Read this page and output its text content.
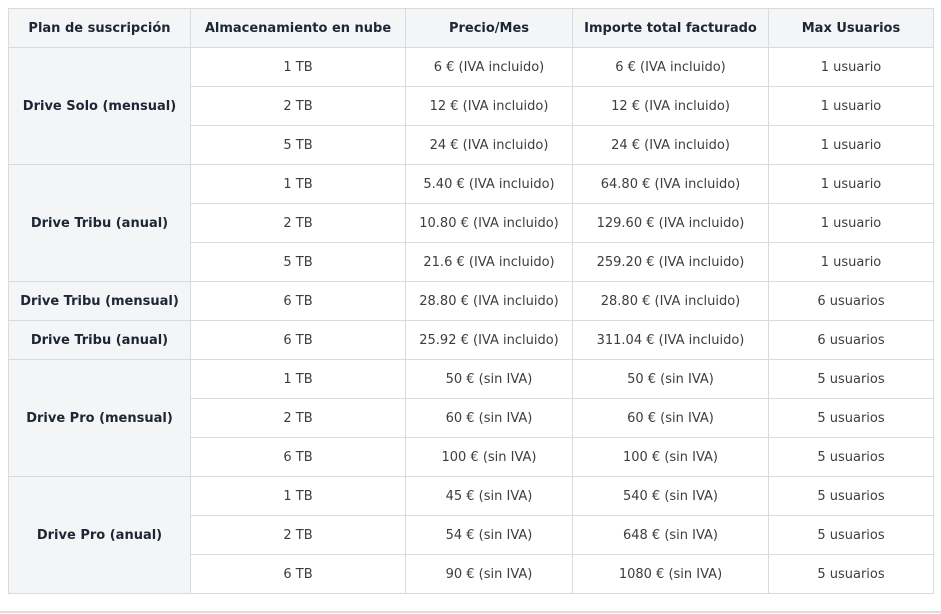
Plan de suscripción	Almacenamiento en nube	Precio/Mes	Importe total facturado	Max Usuarios
Drive Solo (mensual)	1 TB	6 € (IVA incluido)	6 € (IVA incluido)	1 usuario
	2 TB	12 € (IVA incluido)	12 € (IVA incluido)	1 usuario
	5 TB	24 € (IVA incluido)	24 € (IVA incluido)	1 usuario
Drive Tribu (anual)	1 TB	5.40 € (IVA incluido)	64.80 € (IVA incluido)	1 usuario
	2 TB	10.80 € (IVA incluido)	129.60 € (IVA incluido)	1 usuario
	5 TB	21.6 € (IVA incluido)	259.20 € (IVA incluido)	1 usuario
Drive Tribu (mensual)	6 TB	28.80 € (IVA incluido)	28.80 € (IVA incluido)	6 usuarios
Drive Tribu (anual)	6 TB	25.92 € (IVA incluido)	311.04 € (IVA incluido)	6 usuarios
Drive Pro (mensual)	1 TB	50 € (sin IVA)	50 € (sin IVA)	5 usuarios
	2 TB	60 € (sin IVA)	60 € (sin IVA)	5 usuarios
	6 TB	100 € (sin IVA)	100 € (sin IVA)	5 usuarios
Drive Pro (anual)	1 TB	45 € (sin IVA)	540 € (sin IVA)	5 usuarios
	2 TB	54 € (sin IVA)	648 € (sin IVA)	5 usuarios
	6 TB	90 € (sin IVA)	1080 € (sin IVA)	5 usuarios
